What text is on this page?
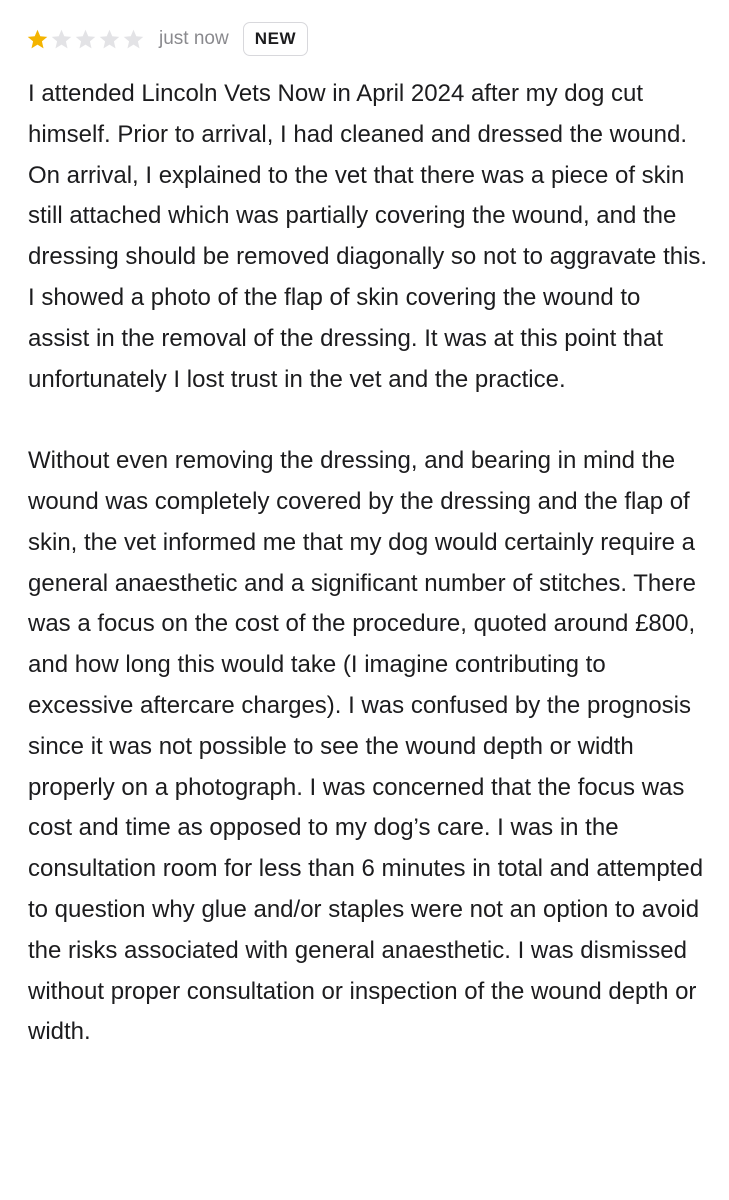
just now	NEW

I attended Lincoln Vets Now in April 2024 after my dog cut himself. Prior to arrival, I had cleaned and dressed the wound. On arrival, I explained to the vet that there was a piece of skin still attached which was partially covering the wound, and the dressing should be removed diagonally so not to aggravate this. I showed a photo of the flap of skin covering the wound to assist in the removal of the dressing. It was at this point that unfortunately I lost trust in the vet and the practice.

Without even removing the dressing, and bearing in mind the wound was completely covered by the dressing and the flap of skin, the vet informed me that my dog would certainly require a general anaesthetic and a significant number of stitches. There was a focus on the cost of the procedure, quoted around £800, and how long this would take (I imagine contributing to excessive aftercare charges). I was confused by the prognosis since it was not possible to see the wound depth or width properly on a photograph. I was concerned that the focus was cost and time as opposed to my dog’s care. I was in the consultation room for less than 6 minutes in total and attempted to question why glue and/or staples were not an option to avoid the risks associated with general anaesthetic. I was dismissed without proper consultation or inspection of the wound depth or width.
